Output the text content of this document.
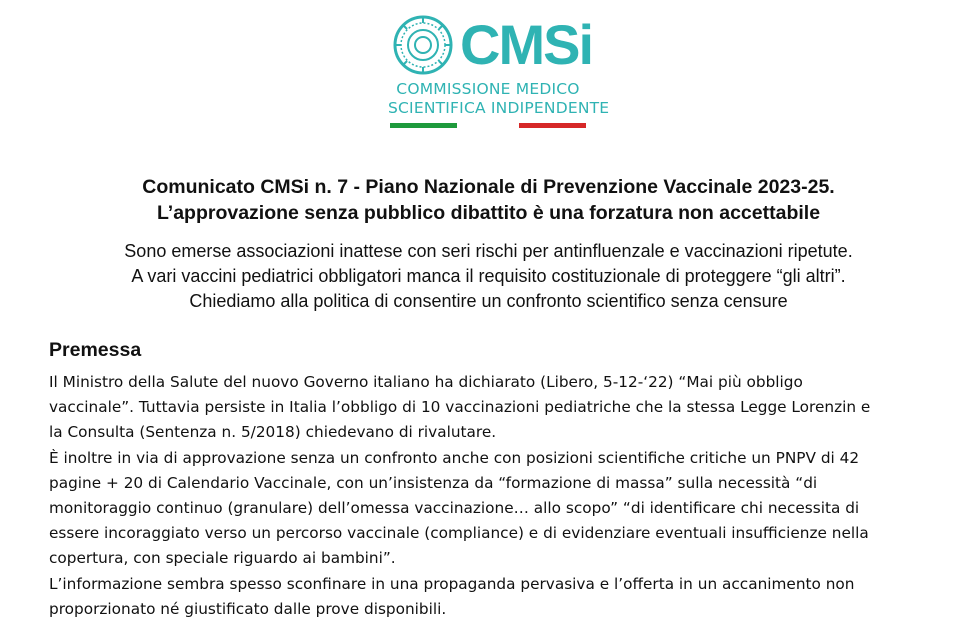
CMSi
COMMISSIONE MEDICO
SCIENTIFICA INDIPENDENTE
Comunicato CMSi n. 7 - Piano Nazionale di Prevenzione Vaccinale 2023-25.
L’approvazione senza pubblico dibattito è una forzatura non accettabile
Sono emerse associazioni inattese con seri rischi per antinfluenzale e vaccinazioni ripetute.
A vari vaccini pediatrici obbligatori manca il requisito costituzionale di proteggere “gli altri”.
Chiediamo alla politica di consentire un confronto scientifico senza censure
Premessa
Il Ministro della Salute del nuovo Governo italiano ha dichiarato (Libero, 5-12-‘22) “Mai più obbligo
vaccinale”. Tuttavia persiste in Italia l’obbligo di 10 vaccinazioni pediatriche che la stessa Legge Lorenzin e
la Consulta (Sentenza n. 5/2018) chiedevano di rivalutare.
È inoltre in via di approvazione senza un confronto anche con posizioni scientifiche critiche un PNPV di 42
pagine + 20 di Calendario Vaccinale, con un’insistenza da “formazione di massa” sulla necessità “di
monitoraggio continuo (granulare) dell’omessa vaccinazione… allo scopo” “di identificare chi necessita di
essere incoraggiato verso un percorso vaccinale (compliance) e di evidenziare eventuali insufficienze nella
copertura, con speciale riguardo ai bambini”.
L’informazione sembra spesso sconfinare in una propaganda pervasiva e l’offerta in un accanimento non
proporzionato né giustificato dalle prove disponibili.
